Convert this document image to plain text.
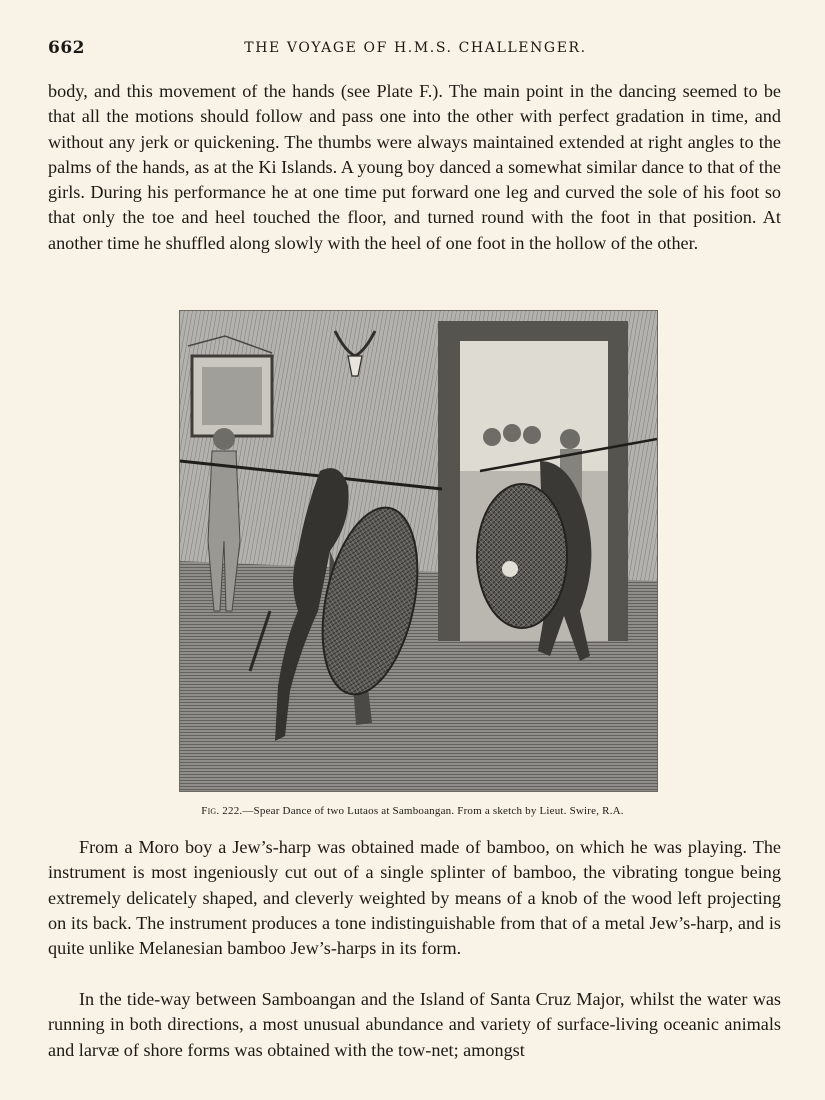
662	THE VOYAGE OF H.M.S. CHALLENGER.

body, and this movement of the hands (see Plate F.). The main point in the dancing seemed to be that all the motions should follow and pass one into the other with perfect gradation in time, and without any jerk or quickening. The thumbs were always maintained extended at right angles to the palms of the hands, as at the Ki Islands. A young boy danced a somewhat similar dance to that of the girls. During his performance he at one time put forward one leg and curved the sole of his foot so that only the toe and heel touched the floor, and turned round with the foot in that position. At another time he shuffled along slowly with the heel of one foot in the hollow of the other.

Fig. 222.—Spear Dance of two Lutaos at Samboangan. From a sketch by Lieut. Swire, R.A.

From a Moro boy a Jew’s-harp was obtained made of bamboo, on which he was playing. The instrument is most ingeniously cut out of a single splinter of bamboo, the vibrating tongue being extremely delicately shaped, and cleverly weighted by means of a knob of the wood left projecting on its back. The instrument produces a tone indistinguishable from that of a metal Jew’s-harp, and is quite unlike Melanesian bamboo Jew’s-harps in its form.

In the tide-way between Samboangan and the Island of Santa Cruz Major, whilst the water was running in both directions, a most unusual abundance and variety of surface-living oceanic animals and larvæ of shore forms was obtained with the tow-net; amongst
